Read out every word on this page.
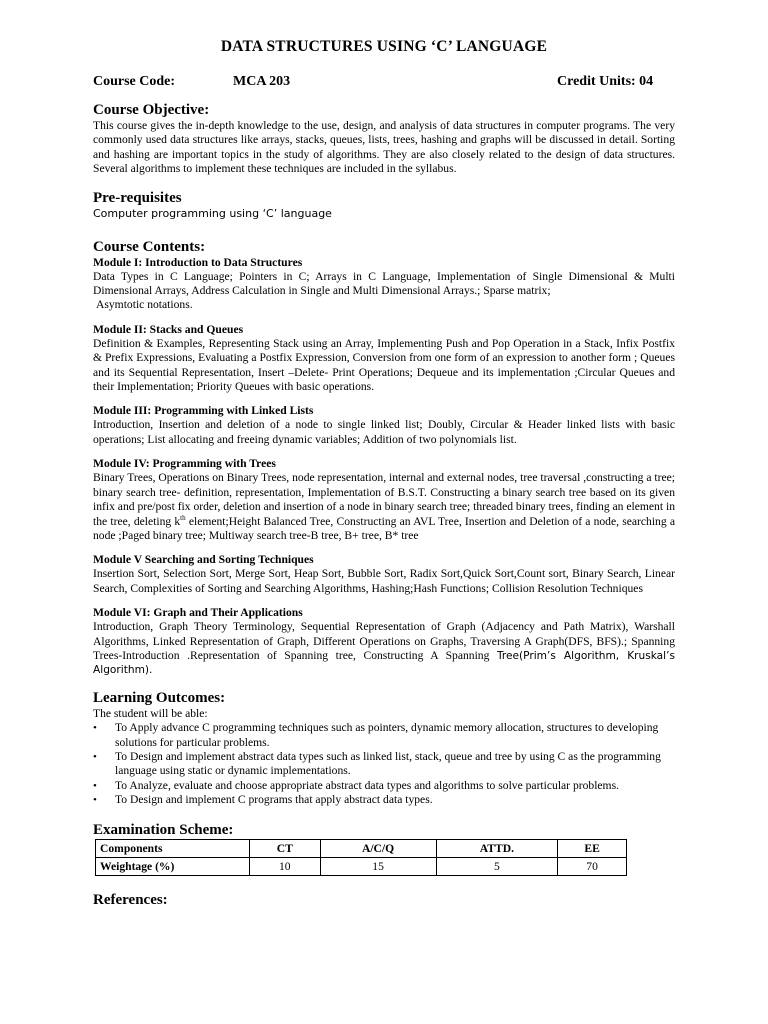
DATA STRUCTURES USING ‘C’ LANGUAGE
Course Code:	MCA 203	Credit Units: 04
Course Objective:

This course gives the in-depth knowledge to the use, design, and analysis of data structures in computer programs. The very commonly used data structures like arrays, stacks, queues, lists, trees, hashing and graphs will be discussed in detail. Sorting and hashing are important topics in the study of algorithms. They are also closely related to the design of data structures. Several algorithms to implement these techniques are included in the syllabus.

Pre-requisites
Computer programming using ‘C’ language
Course Contents:
Module I: Introduction to Data Structures

Data Types in C Language; Pointers in C; Arrays in C Language, Implementation of Single Dimensional & Multi Dimensional Arrays, Address Calculation in Single and Multi Dimensional Arrays.; Sparse matrix;

Asymtotic notations.

Module II: Stacks and Queues

Definition & Examples, Representing Stack using an Array, Implementing Push and Pop Operation in a Stack, Infix Postfix & Prefix Expressions, Evaluating a Postfix Expression, Conversion from one form of an expression to another form ; Queues and its Sequential Representation, Insert –Delete- Print Operations; Dequeue and its implementation ;Circular Queues and their Implementation; Priority Queues with basic operations.

Module III: Programming with Linked Lists

Introduction, Insertion and deletion of a node to single linked list; Doubly, Circular & Header linked lists with basic operations; List allocating and freeing dynamic variables; Addition of two polynomials list.

Module IV: Programming with Trees

Binary Trees, Operations on Binary Trees, node representation, internal and external nodes, tree traversal ,constructing a tree; binary search tree- definition, representation, Implementation of B.S.T. Constructing a binary search tree based on its given infix and pre/post fix order, deletion and insertion of a node in binary search tree; threaded binary trees, finding an element in the tree, deleting $k^{th}$ element;Height Balanced Tree, Constructing an AVL Tree, Insertion and Deletion of a node, searching a node ;Paged binary tree; Multiway search tree-B tree, B+ tree, B* tree

Module V Searching and Sorting Techniques

Insertion Sort, Selection Sort, Merge Sort, Heap Sort, Bubble Sort, Radix Sort,Quick Sort,Count sort, Binary Search, Linear Search, Complexities of Sorting and Searching Algorithms, Hashing;Hash Functions; Collision Resolution Techniques

Module VI: Graph and Their Applications

Introduction, Graph Theory Terminology, Sequential Representation of Graph (Adjacency and Path Matrix), Warshall Algorithms, Linked Representation of Graph, Different Operations on Graphs, Traversing A Graph(DFS, BFS).; Spanning Trees-Introduction .Representation of Spanning tree, Constructing A Spanning Tree(Prim’s Algorithm, Kruskal’s Algorithm).

Learning Outcomes:

The student will be able:

• To Apply advance C programming techniques such as pointers, dynamic memory allocation, structures to developing solutions for particular problems.
• To Design and implement abstract data types such as linked list, stack, queue and tree by using C as the programming language using static or dynamic implementations.
• To Analyze, evaluate and choose appropriate abstract data types and algorithms to solve particular problems.
• To Design and implement C programs that apply abstract data types.
Examination Scheme:
Components	CT	A/C/Q	ATTD.	EE
Weightage (%)	10	15	5	70
References:
